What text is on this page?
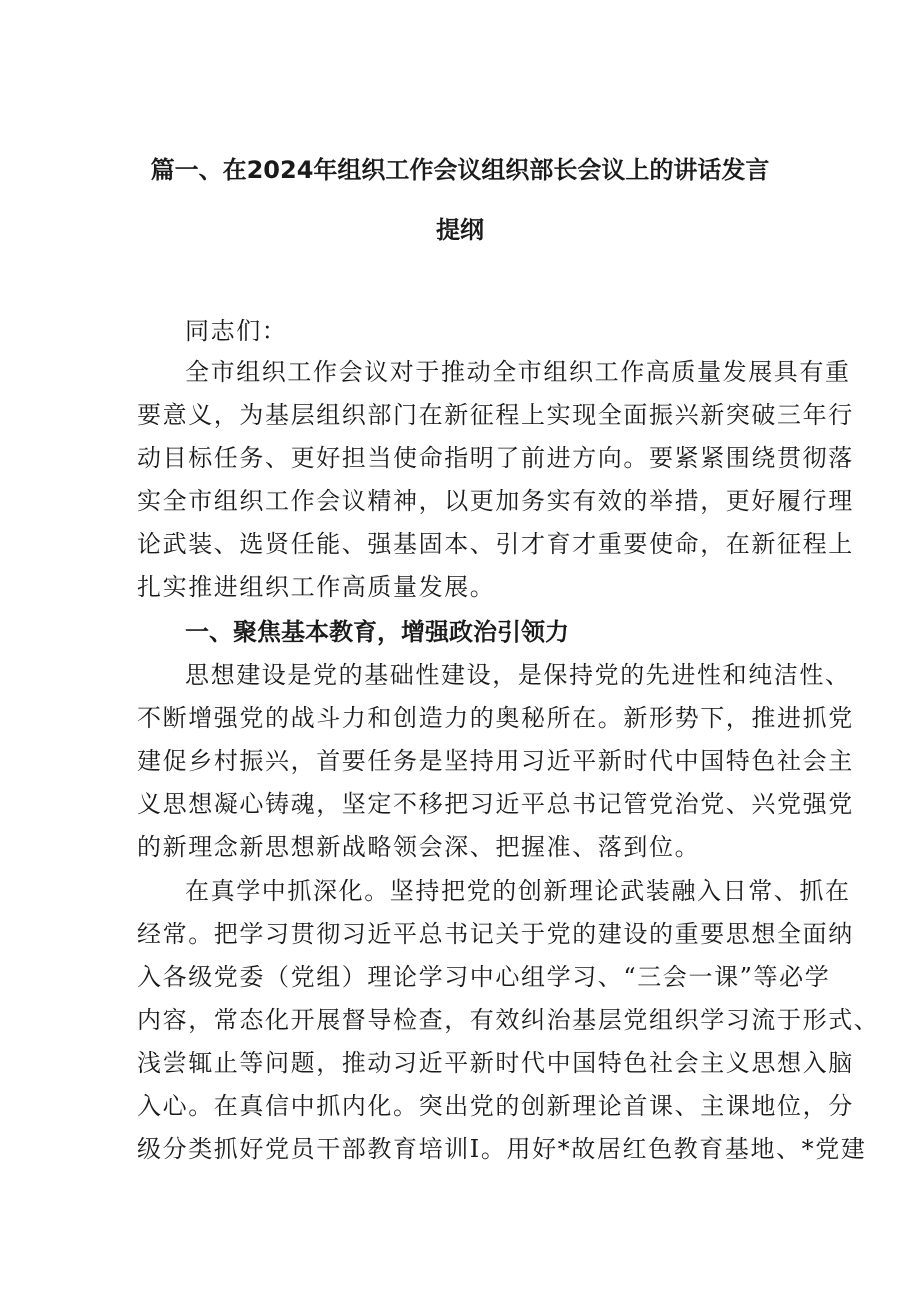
篇一、在2024年组织工作会议组织部长会议上的讲话发言
提纲
同志们：
全市组织工作会议对于推动全市组织工作高质量发展具有重
要意义，为基层组织部门在新征程上实现全面振兴新突破三年行
动目标任务、更好担当使命指明了前进方向。要紧紧围绕贯彻落
实全市组织工作会议精神，以更加务实有效的举措，更好履行理
论武装、选贤任能、强基固本、引才育才重要使命，在新征程上
扎实推进组织工作高质量发展。
一、聚焦基本教育，增强政治引领力
思想建设是党的基础性建设，是保持党的先进性和纯洁性、
不断增强党的战斗力和创造力的奥秘所在。新形势下，推进抓党
建促乡村振兴，首要任务是坚持用习近平新时代中国特色社会主
义思想凝心铸魂，坚定不移把习近平总书记管党治党、兴党强党
的新理念新思想新战略领会深、把握准、落到位。
在真学中抓深化。坚持把党的创新理论武装融入日常、抓在
经常。把学习贯彻习近平总书记关于党的建设的重要思想全面纳
入各级党委（党组）理论学习中心组学习、“三会一课”等必学
内容，常态化开展督导检查，有效纠治基层党组织学习流于形式、
浅尝辄止等问题，推动习近平新时代中国特色社会主义思想入脑
入心。在真信中抓内化。突出党的创新理论首课、主课地位，分
级分类抓好党员干部教育培训I。用好*故居红色教育基地、*党建
